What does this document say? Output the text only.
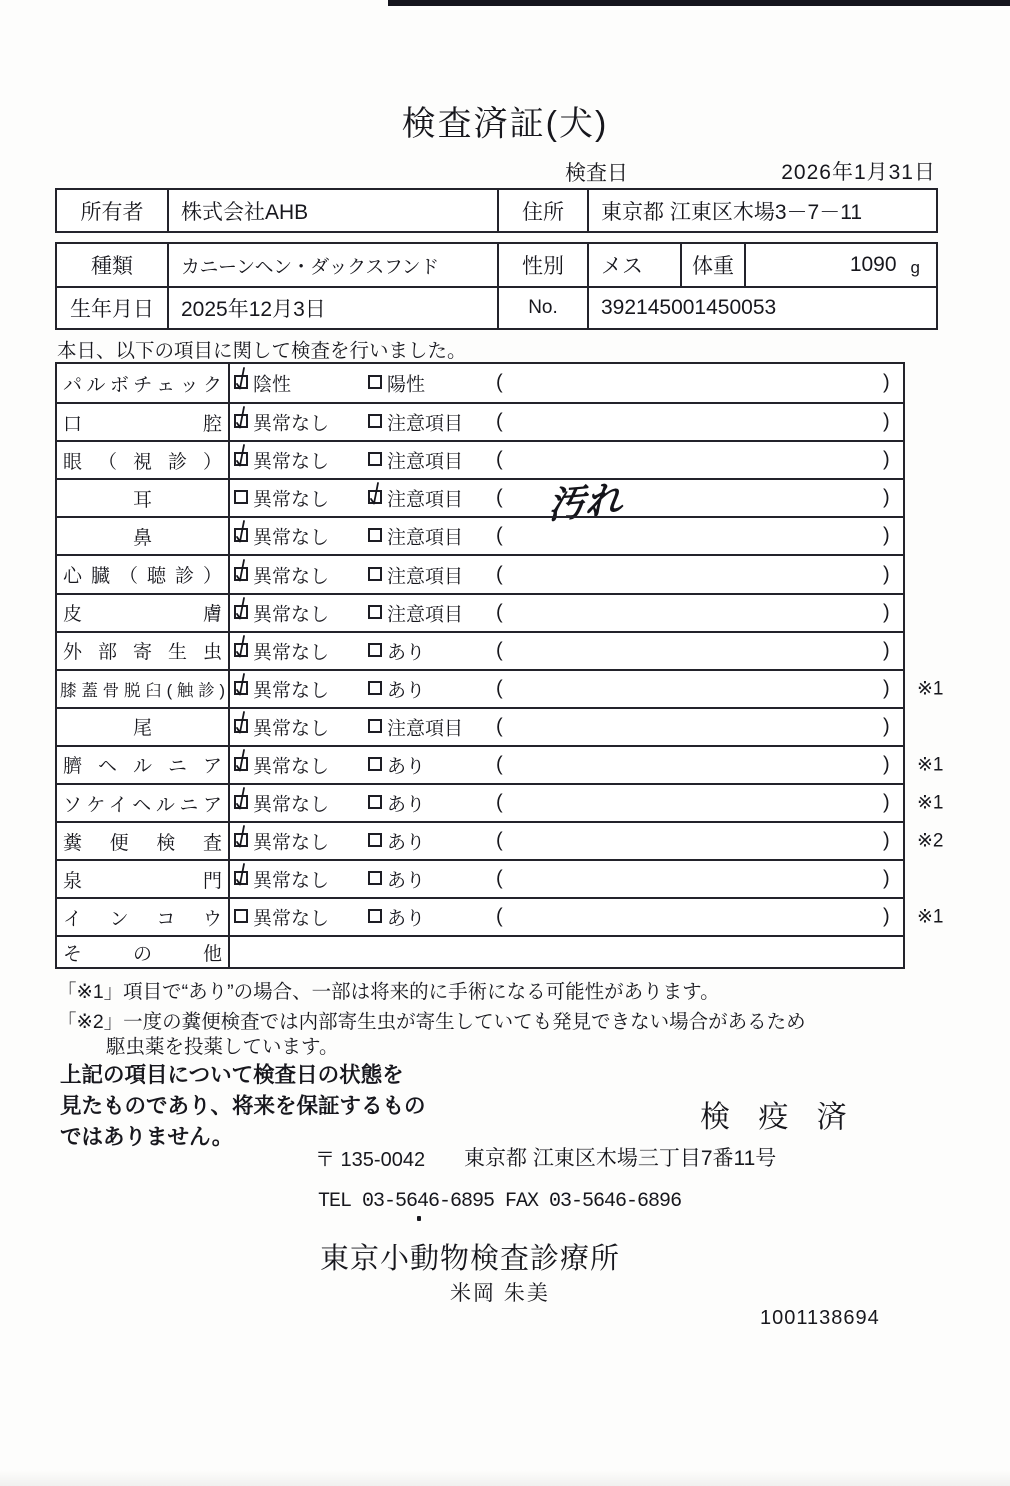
検査済証(犬)
検査日	2026年1月31日
所有者	株式会社AHB	住所	東京都 江東区木場3－7－11
種類	カニーンヘン・ダックスフンド	性別	メス	体重	1090 g
生年月日	2025年12月3日	No.	392145001450053
本日、以下の項目に関して検査を行いました。
パルボチェック 陰性	陽性	(	)
口腔 異常なし	注意項目 (	)
眼（視診） 異常なし	注意項目 (	)
耳	異常なし	注意項目 ( 汚れ	)
鼻	異常なし	注意項目 (	)
心臓（聴診） 異常なし	注意項目 (	)
皮膚 異常なし	注意項目 (	)
外部寄生虫 異常なし	あり	(	)
膝蓋骨脱臼(触診) 異常なし	あり	(	) ※1
尾	異常なし	注意項目 (	)
臍ヘルニア 異常なし	あり	(	) ※1
ソケイヘルニア 異常なし	あり	(	) ※1
糞便検査 異常なし	あり	(	) ※2
泉門 異常なし	あり	(	)
インコウ 異常なし	あり	(	) ※1
その他
「※1」項目で“あり”の場合、一部は将来的に手術になる可能性があります。
「※2」一度の糞便検査では内部寄生虫が寄生していても発見できない場合があるため
駆虫薬を投薬しています。
上記の項目について検査日の状態を
見たものであり、将来を保証するもの
ではありません。
検 疫 済
〒 135-0042 東京都 江東区木場三丁目7番11号
TEL 03-5646-6895 FAX 03-5646-6896
東京小動物検査診療所
米岡 朱美
1001138694
